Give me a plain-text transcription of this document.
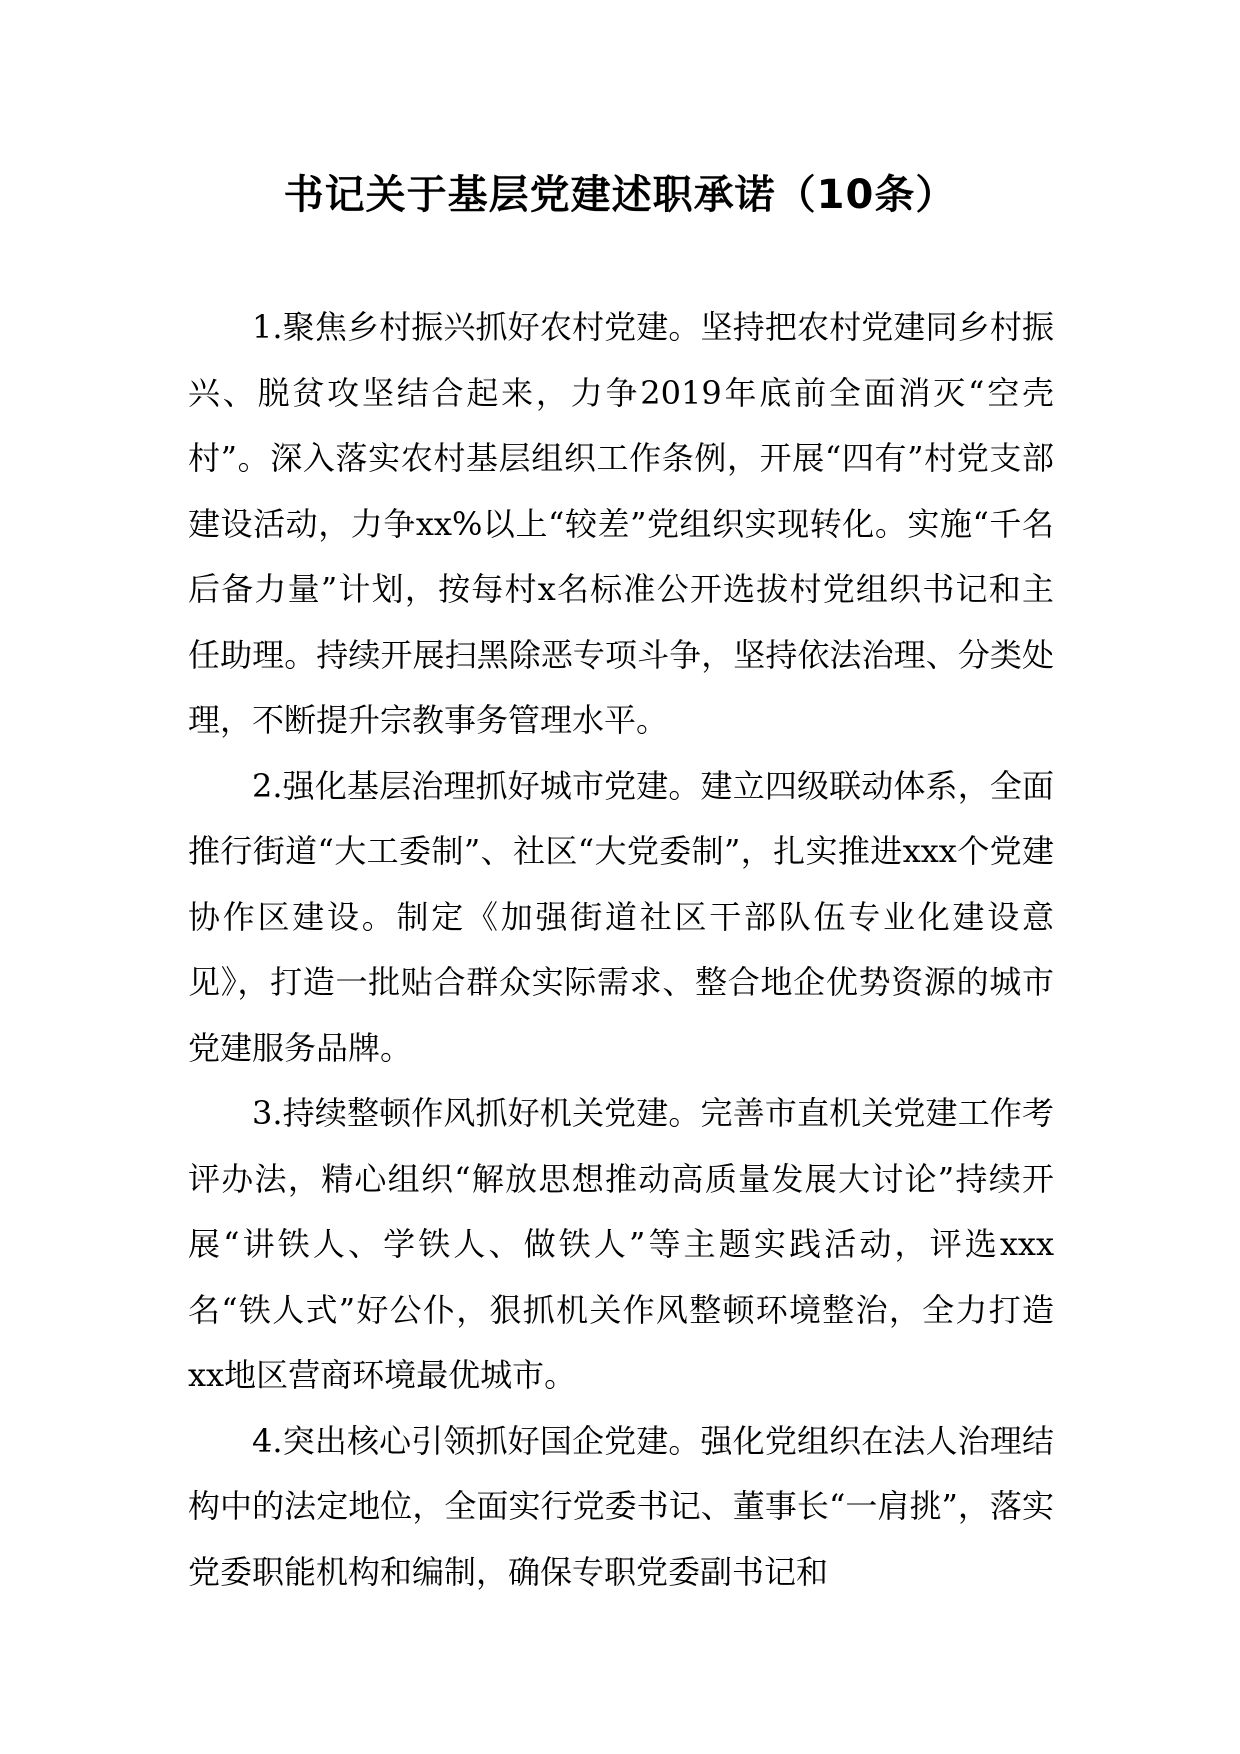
书记关于基层党建述职承诺（10条）

1.聚焦乡村振兴抓好农村党建。坚持把农村党建同乡村振兴、脱贫攻坚结合起来，力争2019年底前全面消灭“空壳村”。深入落实农村基层组织工作条例，开展“四有”村党支部建设活动，力争xx%以上“较差”党组织实现转化。实施“千名后备力量”计划，按每村x名标准公开选拔村党组织书记和主任助理。持续开展扫黑除恶专项斗争，坚持依法治理、分类处理，不断提升宗教事务管理水平。

2.强化基层治理抓好城市党建。建立四级联动体系，全面推行街道“大工委制”、社区“大党委制”，扎实推进xxx个党建协作区建设。制定《加强街道社区干部队伍专业化建设意见》，打造一批贴合群众实际需求、整合地企优势资源的城市党建服务品牌。

3.持续整顿作风抓好机关党建。完善市直机关党建工作考评办法，精心组织“解放思想推动高质量发展大讨论”持续开展“讲铁人、学铁人、做铁人”等主题实践活动，评选xxx名“铁人式”好公仆，狠抓机关作风整顿环境整治，全力打造xx地区营商环境最优城市。

4.突出核心引领抓好国企党建。强化党组织在法人治理结构中的法定地位，全面实行党委书记、董事长“一肩挑”，落实党委职能机构和编制，确保专职党委副书记和
